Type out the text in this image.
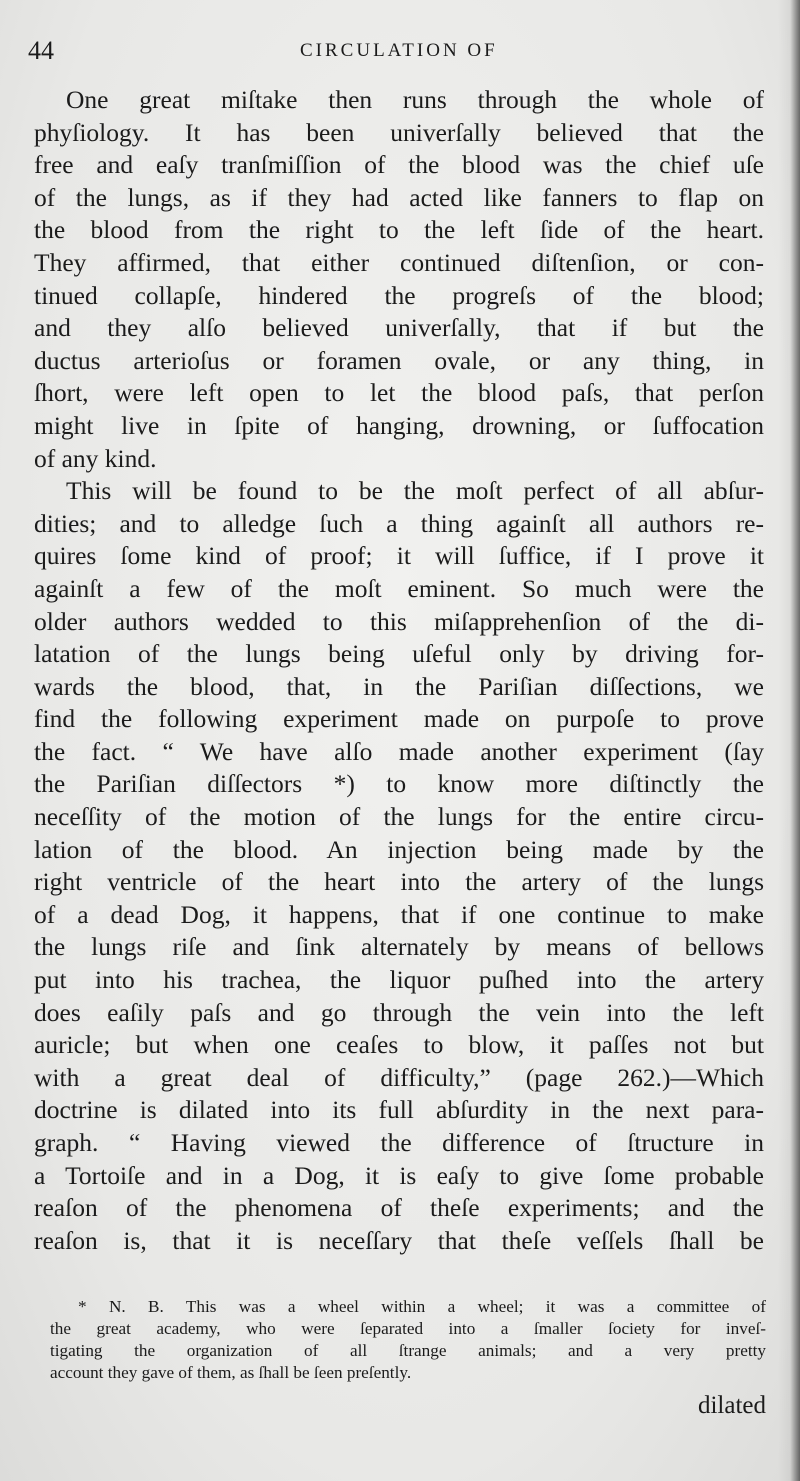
44	CIRCULATION OF
One great miſtake then runs through the whole of
phyſiology. It has been univerſally believed that the
free and eaſy tranſmiſſion of the blood was the chief uſe
of the lungs, as if they had acted like fanners to flap on
the blood from the right to the left ſide of the heart.
They affirmed, that either continued diſtenſion, or con-
tinued collapſe, hindered the progreſs of the blood;
and they alſo believed univerſally, that if but the
ductus arterioſus or foramen ovale, or any thing, in
ſhort, were left open to let the blood paſs, that perſon
might live in ſpite of hanging, drowning, or ſuffocation
of any kind.
This will be found to be the moſt perfect of all abſur-
dities; and to alledge ſuch a thing againſt all authors re-
quires ſome kind of proof; it will ſuffice, if I prove it
againſt a few of the moſt eminent. So much were the
older authors wedded to this miſapprehenſion of the di-
latation of the lungs being uſeful only by driving for-
wards the blood, that, in the Pariſian diſſections, we
find the following experiment made on purpoſe to prove
the fact. “ We have alſo made another experiment (ſay
the Pariſian diſſectors *) to know more diſtinctly the
neceſſity of the motion of the lungs for the entire circu-
lation of the blood. An injection being made by the
right ventricle of the heart into the artery of the lungs
of a dead Dog, it happens, that if one continue to make
the lungs riſe and ſink alternately by means of bellows
put into his trachea, the liquor puſhed into the artery
does eaſily paſs and go through the vein into the left
auricle; but when one ceaſes to blow, it paſſes not but
with a great deal of difficulty,” (page 262.)—Which
doctrine is dilated into its full abſurdity in the next para-
graph. “ Having viewed the difference of ſtructure in
a Tortoiſe and in a Dog, it is eaſy to give ſome probable
reaſon of the phenomena of theſe experiments; and the
reaſon is, that it is neceſſary that theſe veſſels ſhall be
* N. B. This was a wheel within a wheel; it was a committee of
the great academy, who were ſeparated into a ſmaller ſociety for inveſ-
tigating the organization of all ſtrange animals; and a very pretty
account they gave of them, as ſhall be ſeen preſently.
dilated
